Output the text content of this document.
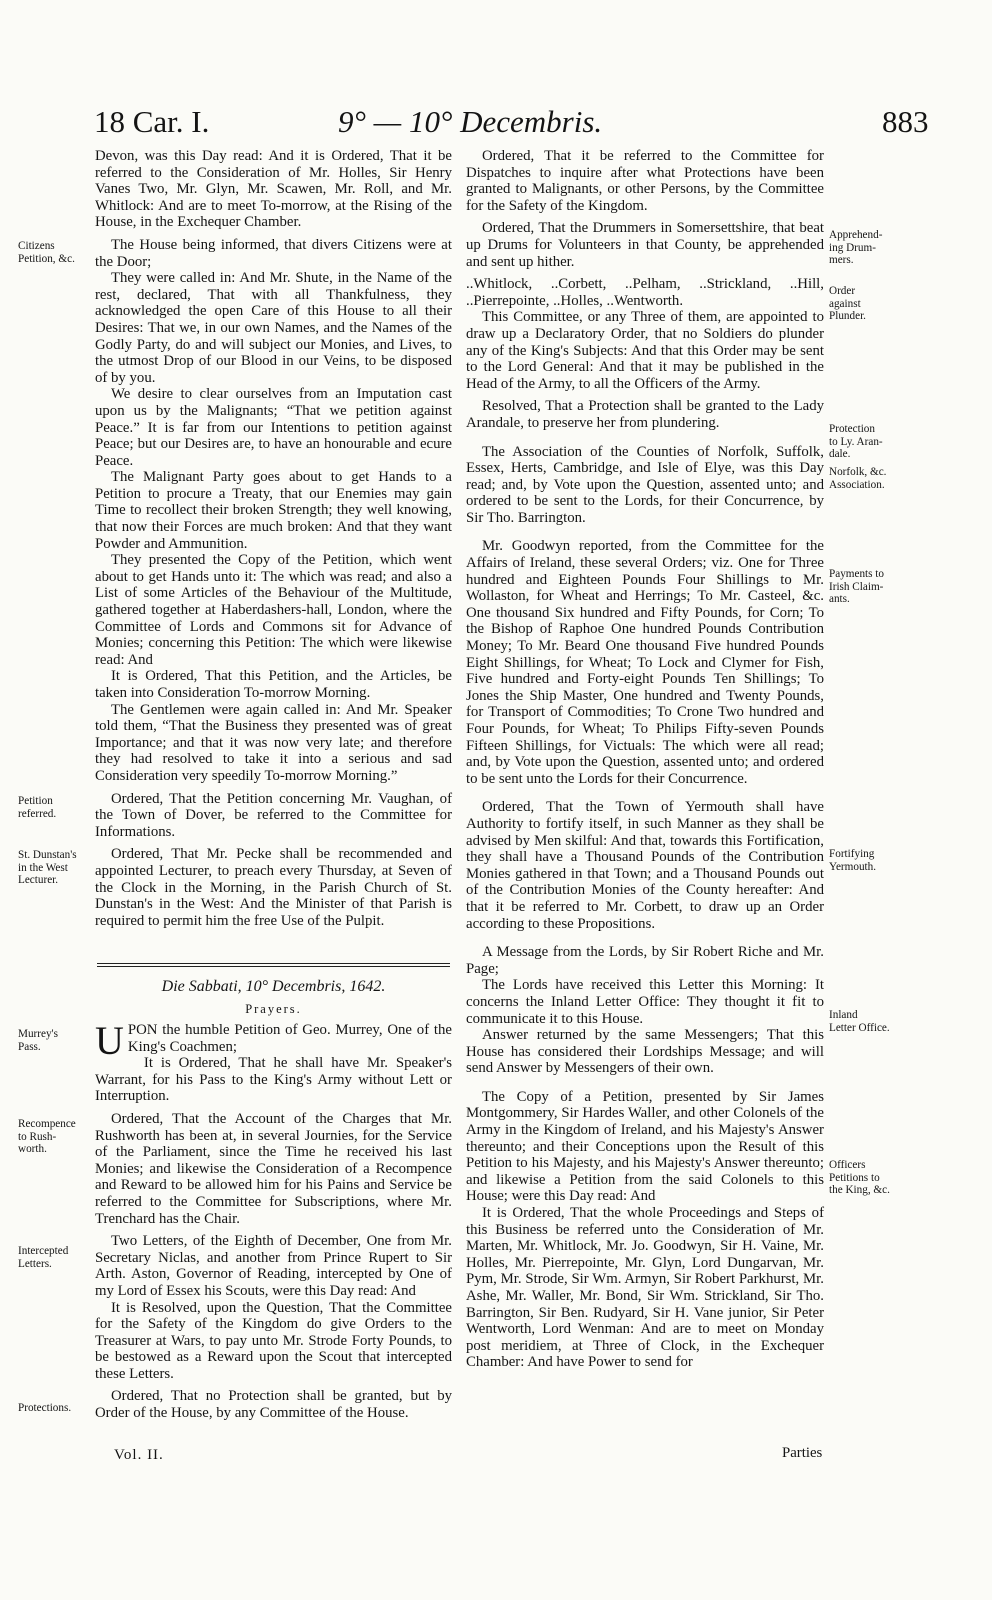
18 Car. I.	9° — 10° Decembris.	883

Devon, was this Day read: And it is Ordered, That it be referred to the Consideration of Mr. Holles, Sir Henry Vanes Two, Mr. Glyn, Mr. Scawen, Mr. Roll, and Mr. Whitlock: And are to meet To-morrow, at the Rising of the House, in the Exchequer Chamber.

The House being informed, that divers Citizens were at the Door;

They were called in: And Mr. Shute, in the Name of the rest, declared, That with all Thankfulness, they acknowledged the open Care of this House to all their Desires: That we, in our own Names, and the Names of the Godly Party, do and will subject our Monies, and Lives, to the utmost Drop of our Blood in our Veins, to be disposed of by you.

We desire to clear ourselves from an Imputation cast upon us by the Malignants; “That we petition against Peace.” It is far from our Intentions to petition against Peace; but our Desires are, to have an honourable and ecure Peace.

The Malignant Party goes about to get Hands to a Petition to procure a Treaty, that our Enemies may gain Time to recollect their broken Strength; they well knowing, that now their Forces are much broken: And that they want Powder and Ammunition.

They presented the Copy of the Petition, which went about to get Hands unto it: The which was read; and also a List of some Articles of the Behaviour of the Multitude, gathered together at Haberdashers-hall, London, where the Committee of Lords and Commons sit for Advance of Monies; concerning this Petition: The which were likewise read: And

It is Ordered, That this Petition, and the Articles, be taken into Consideration To-morrow Morning.

The Gentlemen were again called in: And Mr. Speaker told them, “That the Business they presented was of great Importance; and that it was now very late; and therefore they had resolved to take it into a serious and sad Consideration very speedily To-morrow Morning.”

Ordered, That the Petition concerning Mr. Vaughan, of the Town of Dover, be referred to the Committee for Informations.

Ordered, That Mr. Pecke shall be recommended and appointed Lecturer, to preach every Thursday, at Seven of the Clock in the Morning, in the Parish Church of St. Dunstan's in the West: And the Minister of that Parish is required to permit him the free Use of the Pulpit.

Die Sabbati, 10° Decembris, 1642.
Prayers.

UPON the humble Petition of Geo. Murrey, One of the King's Coachmen;

It is Ordered, That he shall have Mr. Speaker's Warrant, for his Pass to the King's Army without Lett or Interruption.

Ordered, That the Account of the Charges that Mr. Rushworth has been at, in several Journies, for the Service of the Parliament, since the Time he received his last Monies; and likewise the Consideration of a Recompence and Reward to be allowed him for his Pains and Service be referred to the Committee for Subscriptions, where Mr. Trenchard has the Chair.

Two Letters, of the Eighth of December, One from Mr. Secretary Niclas, and another from Prince Rupert to Sir Arth. Aston, Governor of Reading, intercepted by One of my Lord of Essex his Scouts, were this Day read: And

It is Resolved, upon the Question, That the Committee for the Safety of the Kingdom do give Orders to the Treasurer at Wars, to pay unto Mr. Strode Forty Pounds, to be bestowed as a Reward upon the Scout that intercepted these Letters.

Ordered, That no Protection shall be granted, but by Order of the House, by any Committee of the House.

Vol. II.

Ordered, That it be referred to the Committee for Dispatches to inquire after what Protections have been granted to Malignants, or other Persons, by the Committee for the Safety of the Kingdom.

Ordered, That the Drummers in Somersettshire, that beat up Drums for Volunteers in that County, be apprehended and sent up hither.

..Whitlock, ..Corbett, ..Pelham, ..Strickland, ..Hill, ..Pierrepointe, ..Holles, ..Wentworth.

This Committee, or any Three of them, are appointed to draw up a Declaratory Order, that no Soldiers do plunder any of the King's Subjects: And that this Order may be sent to the Lord General: And that it may be published in the Head of the Army, to all the Officers of the Army.

Resolved, That a Protection shall be granted to the Lady Arandale, to preserve her from plundering.

The Association of the Counties of Norfolk, Suffolk, Essex, Herts, Cambridge, and Isle of Elye, was this Day read; and, by Vote upon the Question, assented unto; and ordered to be sent to the Lords, for their Concurrence, by Sir Tho. Barrington.

Mr. Goodwyn reported, from the Committee for the Affairs of Ireland, these several Orders; viz. One for Three hundred and Eighteen Pounds Four Shillings to Mr. Wollaston, for Wheat and Herrings; To Mr. Casteel, &c. One thousand Six hundred and Fifty Pounds, for Corn; To the Bishop of Raphoe One hundred Pounds Contribution Money; To Mr. Beard One thousand Five hundred Pounds Eight Shillings, for Wheat; To Lock and Clymer for Fish, Five hundred and Forty-eight Pounds Ten Shillings; To Jones the Ship Master, One hundred and Twenty Pounds, for Transport of Commodities; To Crone Two hundred and Four Pounds, for Wheat; To Philips Fifty-seven Pounds Fifteen Shillings, for Victuals: The which were all read; and, by Vote upon the Question, assented unto; and ordered to be sent unto the Lords for their Concurrence.

Ordered, That the Town of Yermouth shall have Authority to fortify itself, in such Manner as they shall be advised by Men skilful: And that, towards this Fortification, they shall have a Thousand Pounds of the Contribution Monies gathered in that Town; and a Thousand Pounds out of the Contribution Monies of the County hereafter: And that it be referred to Mr. Corbett, to draw up an Order according to these Propositions.

A Message from the Lords, by Sir Robert Riche and Mr. Page;

The Lords have received this Letter this Morning: It concerns the Inland Letter Office: They thought it fit to communicate it to this House.

Answer returned by the same Messengers; That this House has considered their Lordships Message; and will send Answer by Messengers of their own.

The Copy of a Petition, presented by Sir James Montgommery, Sir Hardes Waller, and other Colonels of the Army in the Kingdom of Ireland, and his Majesty's Answer thereunto; and their Conceptions upon the Result of this Petition to his Majesty, and his Majesty's Answer thereunto; and likewise a Petition from the said Colonels to this House; were this Day read: And

It is Ordered, That the whole Proceedings and Steps of this Business be referred unto the Consideration of Mr. Marten, Mr. Whitlock, Mr. Jo. Goodwyn, Sir H. Vaine, Mr. Holles, Mr. Pierrepointe, Mr. Glyn, Lord Dungarvan, Mr. Pym, Mr. Strode, Sir Wm. Armyn, Sir Robert Parkhurst, Mr. Ashe, Mr. Waller, Mr. Bond, Sir Wm. Strickland, Sir Tho. Barrington, Sir Ben. Rudyard, Sir H. Vane junior, Sir Peter Wentworth, Lord Wenman: And are to meet on Monday post meridiem, at Three of Clock, in the Exchequer Chamber: And have Power to send for

Parties
Citizens
Petition, &c.
Petition
referred.
St. Dunstan's
in the West
Lecturer.
Murrey's
Pass.
Recompence
to Rush-
worth.
Intercepted
Letters.
Protections.
Apprehend-
ing Drum-
mers.
Order
against
Plunder.
Protection
to Ly. Aran-
dale.
Norfolk, &c.
Association.
Payments to
Irish Claim-
ants.
Fortifying
Yermouth.
Inland
Letter Office.
Officers
Petitions to
the King, &c.
